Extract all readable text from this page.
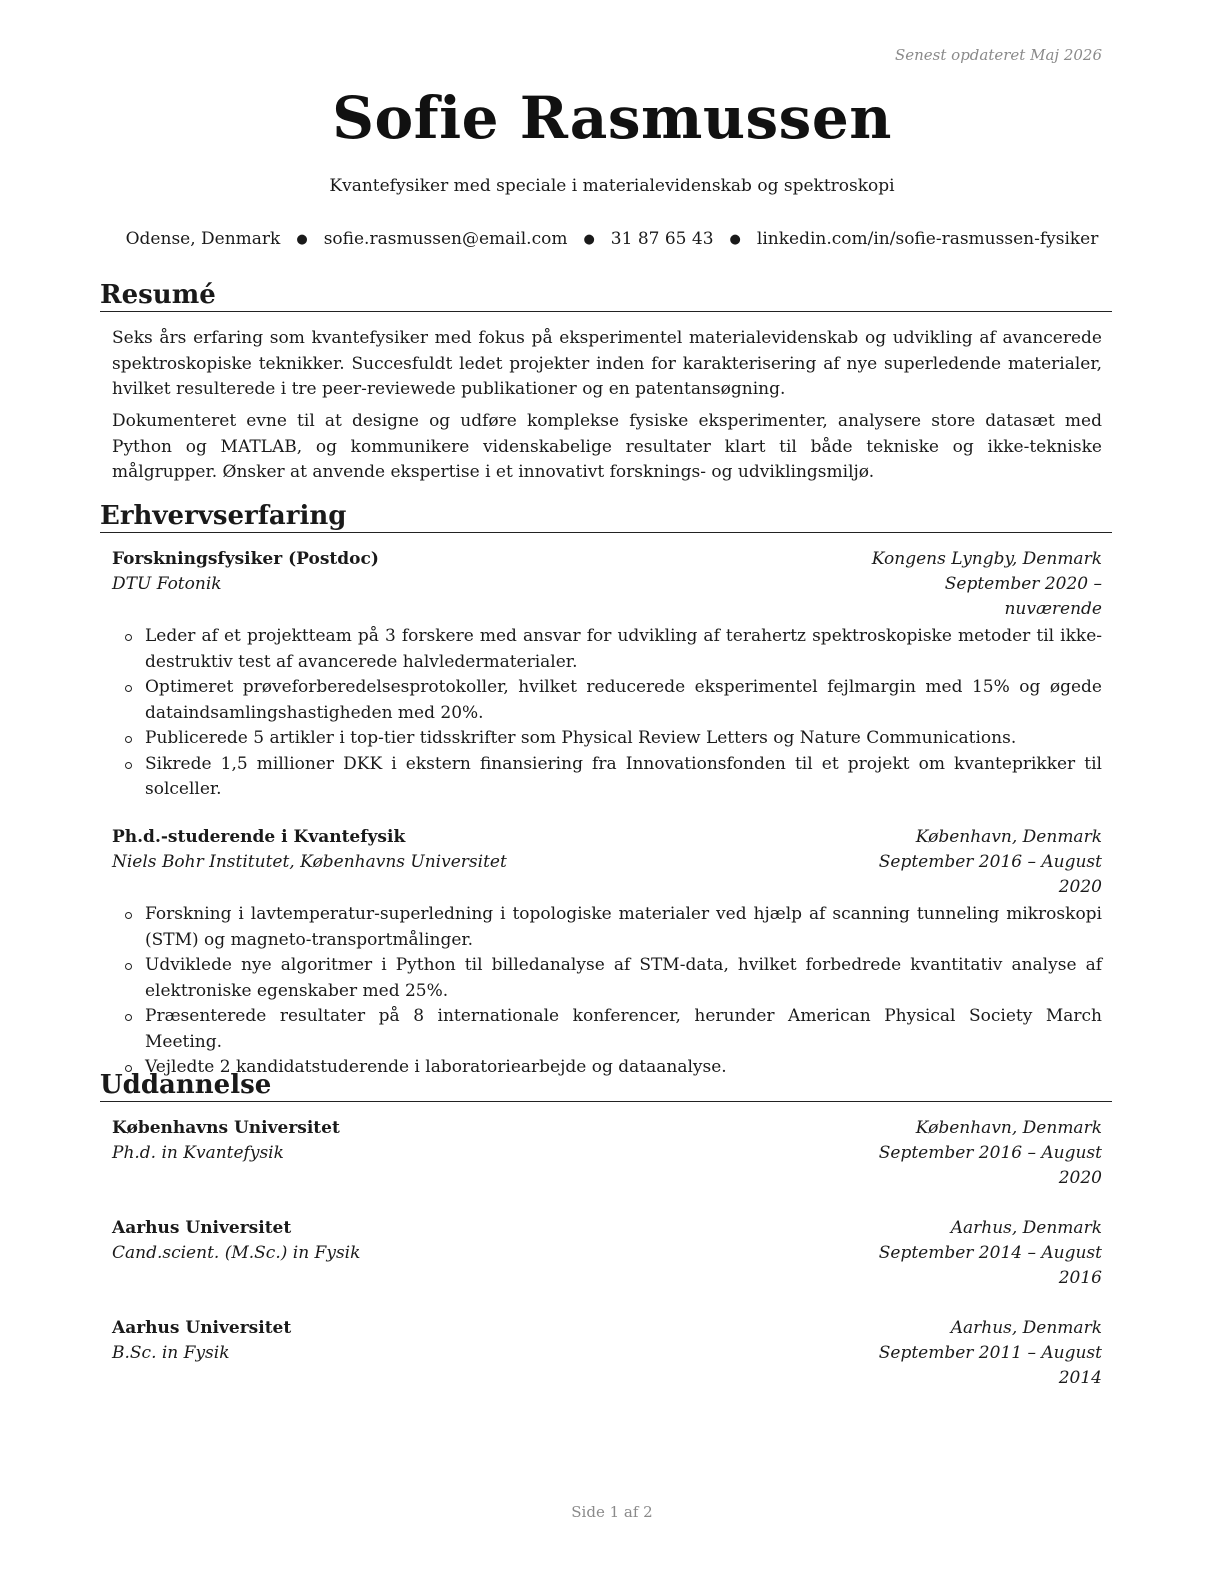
Senest opdateret Maj 2026
Sofie Rasmussen
Kvantefysiker med speciale i materialevidenskab og spektroskopi
Odense, Denmark ● sofie.rasmussen@email.com ● 31 87 65 43 ● linkedin.com/in/sofie-rasmussen-fysiker
Resumé
Seks års erfaring som kvantefysiker med fokus på eksperimentel materialevidenskab og udvikling af avancerede spektroskopiske teknikker. Succesfuldt ledet projekter inden for karakterisering af nye superledende materialer, hvilket resulterede i tre peer-reviewede publikationer og en patentansøgning.
Dokumenteret evne til at designe og udføre komplekse fysiske eksperimenter, analysere store datasæt med Python og MATLAB, og kommunikere videnskabelige resultater klart til både tekniske og ikke-tekniske målgrupper. Ønsker at anvende ekspertise i et innovativt forsknings- og udviklingsmiljø.
Erhvervserfaring
Forskningsfysiker (Postdoc)	Kongens Lyngby, Denmark
DTU Fotonik	September 2020 – nuværende
Leder af et projektteam på 3 forskere med ansvar for udvikling af terahertz spektroskopiske metoder til ikke-destruktiv test af avancerede halvledermaterialer.
Optimeret prøveforberedelsesprotokoller, hvilket reducerede eksperimentel fejlmargin med 15% og øgede dataindsamlingshastigheden med 20%.
Publicerede 5 artikler i top-tier tidsskrifter som Physical Review Letters og Nature Communications.
Sikrede 1,5 millioner DKK i ekstern finansiering fra Innovationsfonden til et projekt om kvanteprikker til solceller.
Ph.d.-studerende i Kvantefysik	København, Denmark
Niels Bohr Institutet, Københavns Universitet	September 2016 – August 2020
Forskning i lavtemperatur-superledning i topologiske materialer ved hjælp af scanning tunneling mikroskopi (STM) og magneto-transportmålinger.
Udviklede nye algoritmer i Python til billedanalyse af STM-data, hvilket forbedrede kvantitativ analyse af elektroniske egenskaber med 25%.
Præsenterede resultater på 8 internationale konferencer, herunder American Physical Society March Meeting.
Vejledte 2 kandidatstuderende i laboratoriearbejde og dataanalyse.
Uddannelse
Københavns Universitet	København, Denmark
Ph.d. in Kvantefysik	September 2016 – August 2020
Aarhus Universitet	Aarhus, Denmark
Cand.scient. (M.Sc.) in Fysik	September 2014 – August 2016
Aarhus Universitet	Aarhus, Denmark
B.Sc. in Fysik	September 2011 – August 2014
Side 1 af 2
